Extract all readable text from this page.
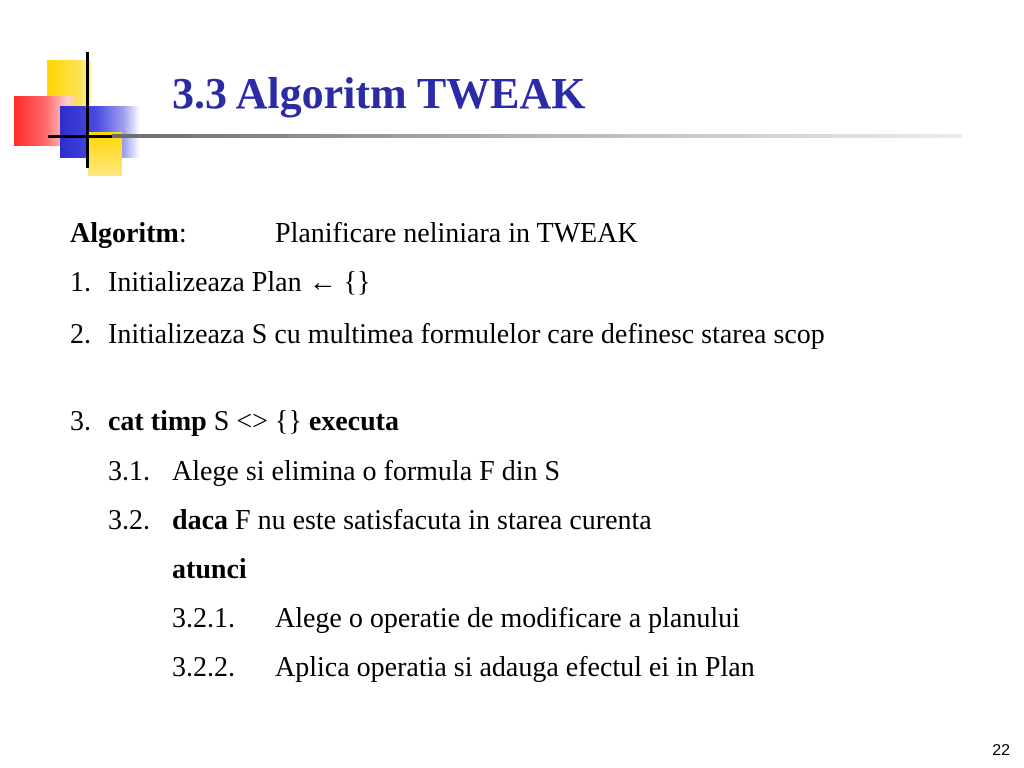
3.3 Algoritm TWEAK
Algoritm:	Planificare neliniara in TWEAK
1. Initializeaza Plan ← {}
2. Initializeaza S cu multimea formulelor care definesc starea scop
3. cat timp S <> {} executa
3.1. Alege si elimina o formula F din S
3.2. daca F nu este satisfacuta in starea curenta
atunci
3.2.1. Alege o operatie de modificare a planului
3.2.2. Aplica operatia si adauga efectul ei in Plan
22
